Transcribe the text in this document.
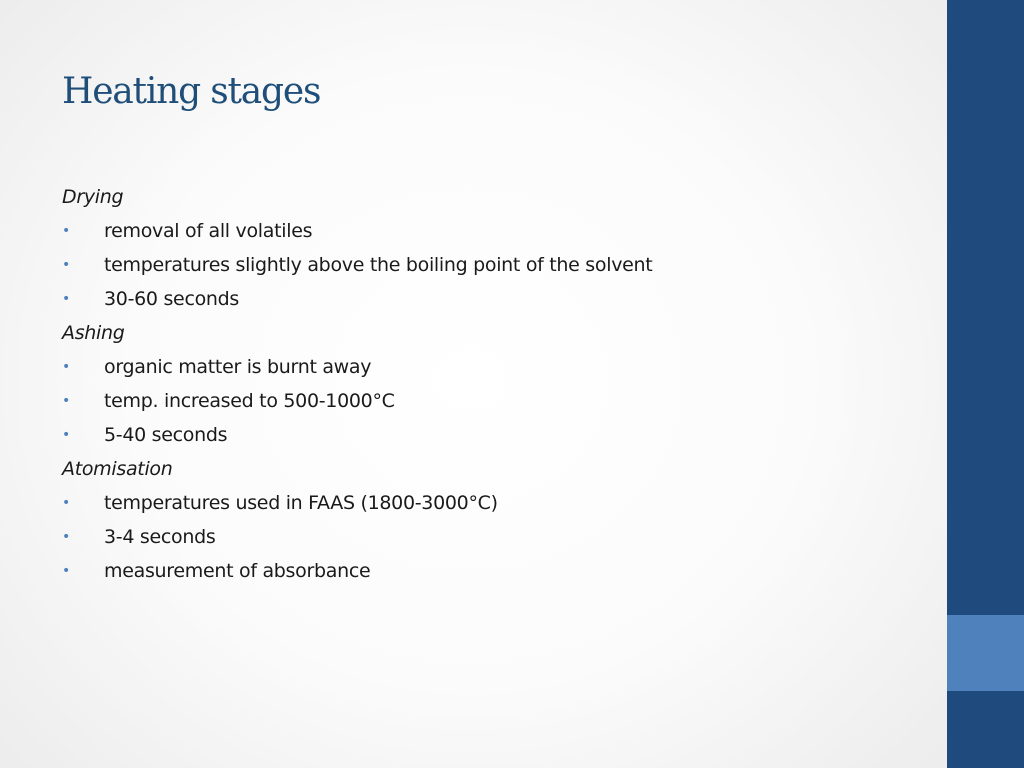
Heating stages
Drying
• removal of all volatiles
• temperatures slightly above the boiling point of the solvent
• 30-60 seconds
Ashing
• organic matter is burnt away
• temp. increased to 500-1000°C
• 5-40 seconds
Atomisation
• temperatures used in FAAS (1800-3000°C)
• 3-4 seconds
• measurement of absorbance
